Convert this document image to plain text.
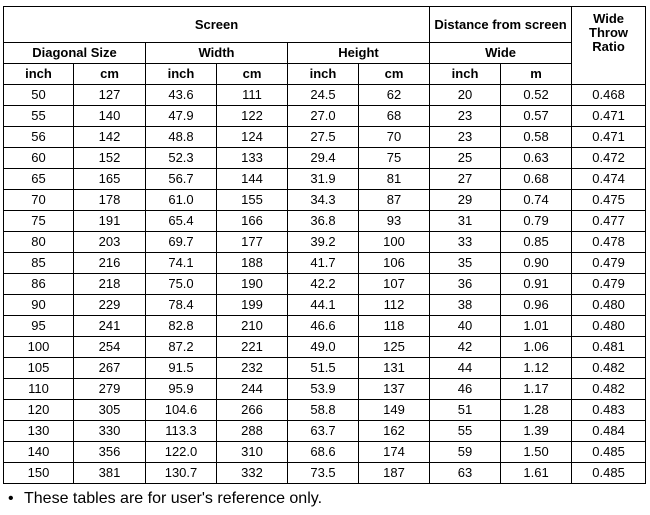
Screen						Distance from screen		Wide Throw Ratio
Diagonal Size		Width		Height		Wide		
inch	cm	inch	cm	inch	cm	inch	m	
50	127	43.6	111	24.5	62	20	0.52	0.468
55	140	47.9	122	27.0	68	23	0.57	0.471
56	142	48.8	124	27.5	70	23	0.58	0.471
60	152	52.3	133	29.4	75	25	0.63	0.472
65	165	56.7	144	31.9	81	27	0.68	0.474
70	178	61.0	155	34.3	87	29	0.74	0.475
75	191	65.4	166	36.8	93	31	0.79	0.477
80	203	69.7	177	39.2	100	33	0.85	0.478
85	216	74.1	188	41.7	106	35	0.90	0.479
86	218	75.0	190	42.2	107	36	0.91	0.479
90	229	78.4	199	44.1	112	38	0.96	0.480
95	241	82.8	210	46.6	118	40	1.01	0.480
100	254	87.2	221	49.0	125	42	1.06	0.481
105	267	91.5	232	51.5	131	44	1.12	0.482
110	279	95.9	244	53.9	137	46	1.17	0.482
120	305	104.6	266	58.8	149	51	1.28	0.483
130	330	113.3	288	63.7	162	55	1.39	0.484
140	356	122.0	310	68.6	174	59	1.50	0.485
150	381	130.7	332	73.5	187	63	1.61	0.485
• These tables are for user's reference only.
